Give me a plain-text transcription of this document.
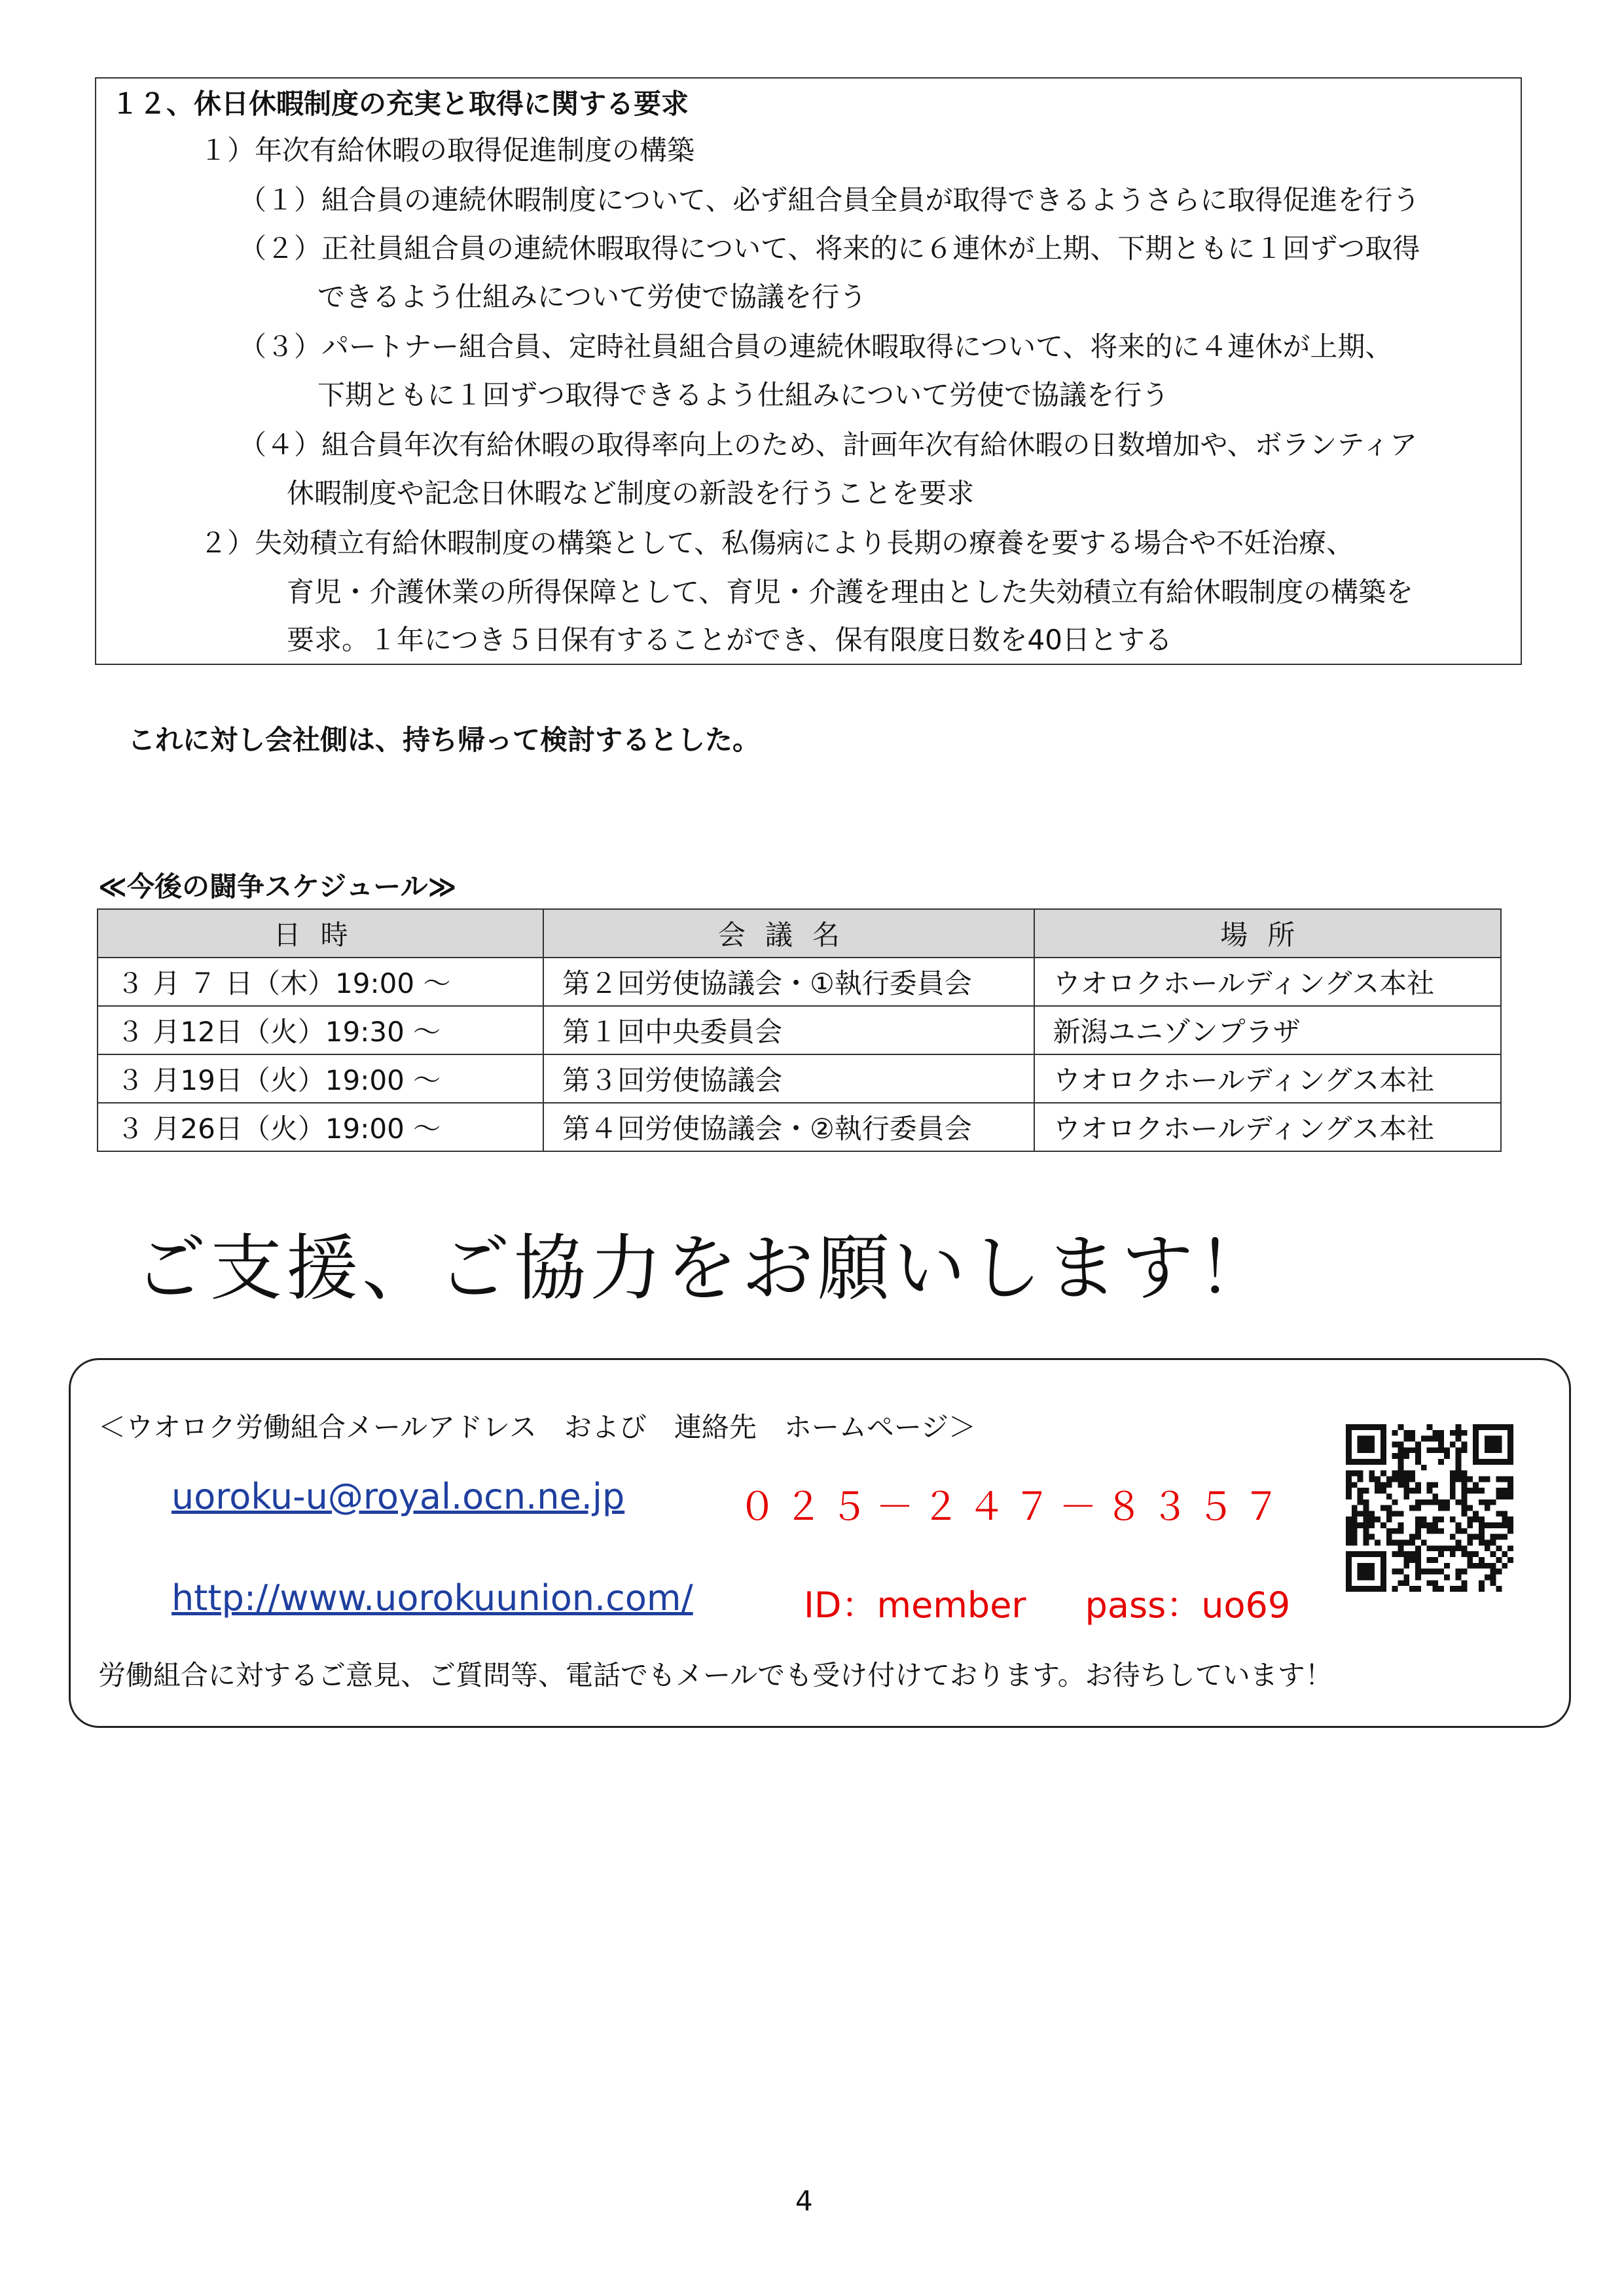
１２、休日休暇制度の充実と取得に関する要求
１）年次有給休暇の取得促進制度の構築
（１）組合員の連続休暇制度について、必ず組合員全員が取得できるようさらに取得促進を行う
（２）正社員組合員の連続休暇取得について、将来的に６連休が上期、下期ともに１回ずつ取得
できるよう仕組みについて労使で協議を行う
（３）パートナー組合員、定時社員組合員の連続休暇取得について、将来的に４連休が上期、
下期ともに１回ずつ取得できるよう仕組みについて労使で協議を行う
（４）組合員年次有給休暇の取得率向上のため、計画年次有給休暇の日数増加や、ボランティア
休暇制度や記念日休暇など制度の新設を行うことを要求
２）失効積立有給休暇制度の構築として、私傷病により長期の療養を要する場合や不妊治療、
育児・介護休業の所得保障として、育児・介護を理由とした失効積立有給休暇制度の構築を
要求。１年につき５日保有することができ、保有限度日数を40日とする
これに対し会社側は、持ち帰って検討するとした。
≪今後の闘争スケジュール≫
日時	会議名	場所
３ 月 ７ 日（木）19:00 ～	第２回労使協議会・①執行委員会	ウオロクホールディングス本社
３ 月12日（火）19:30 ～	第１回中央委員会	新潟ユニゾンプラザ
３ 月19日（火）19:00 ～	第３回労使協議会	ウオロクホールディングス本社
３ 月26日（火）19:00 ～	第４回労使協議会・②執行委員会	ウオロクホールディングス本社
ご支援、ご協力をお願いします！
＜ウオロク労働組合メールアドレス　および　連絡先　ホームページ＞
uoroku-u@royal.ocn.ne.jp	０２５－２４７－８３５７
http://www.uorokuunion.com/	ID：member pass：uo69
労働組合に対するご意見、ご質問等、電話でもメールでも受け付けております。お待ちしています！
4
